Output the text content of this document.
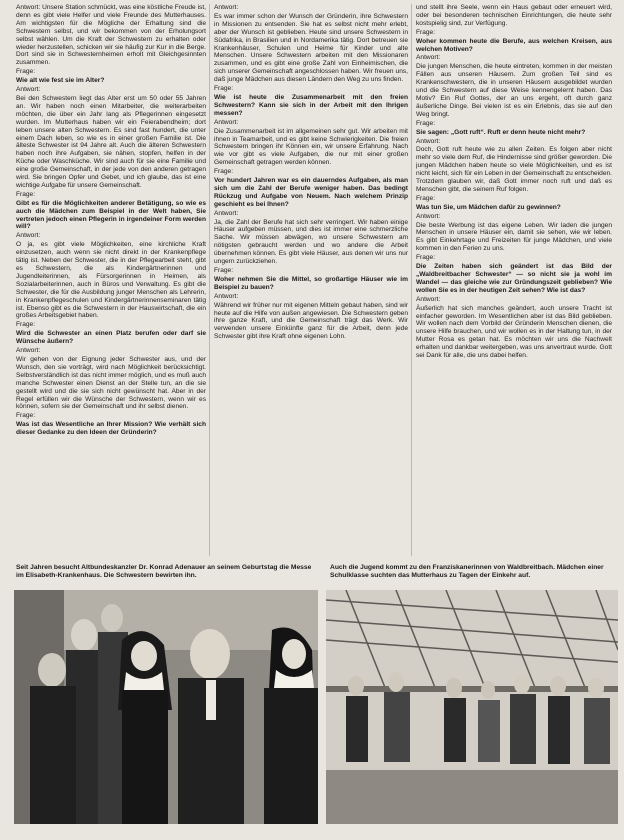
Antwort: Unsere Station schmückt, was eine köstliche Freude ist, denn es gibt viele Helfer und viele Freunde des Mutterhauses. Am wichtigsten für die Mögliche der Erhaltung sind die Schwestern selbst, und wir bekommen von der Erholungsort selbst wählen. Um die Kraft der Schwestern zu erhalten oder wieder herzustellen, schicken wir sie häufig zur Kur in die Berge. Dort sind sie in Schwesternheimen erholt mit Gleichgesinnten zusammen.

Frage:

Wie alt wie fest sie im Alter?

Antwort:

Bei den Schwestern liegt das Alter erst um 50 oder 55 Jahren an. Wir haben noch einen Mitarbeiter, die weiterarbeiten möchten, die über ein Jahr lang als Pflegerinnen eingesetzt wurden. Im Mutterhaus haben wir ein Feierabendheim; dort leben unsere alten Schwestern. Es sind fast hundert, die unter einem Dach leben, so wie es in einer großen Familie ist. Die älteste Schwester ist 94 Jahre alt. Auch die älteren Schwestern haben noch ihre Aufgaben, sie nähen, stopfen, helfen in der Küche oder Waschküche. Wir sind auch für sie eine Familie und eine große Gemeinschaft, in der jede von den anderen getragen wird. Sie bringen Opfer und Gebet, und ich glaube, das ist eine wichtige Aufgabe für unsere Gemeinschaft.

Frage:

Gibt es für die Möglichkeiten anderer Betätigung, so wie es auch die Mädchen zum Beispiel in der Welt haben, Sie vertreten jedoch einen Pflegerin in irgendeiner Form werden will?

Antwort:

O ja, es gibt viele Möglichkeiten, eine kirchliche Kraft einzusetzen, auch wenn sie nicht direkt in der Krankenpflege tätig ist. Neben der Schwester, die in der Pflegearbeit steht, gibt es Schwestern, die als Kindergärtnerinnen und Jugendleiterinnen, als Fürsorgerinnen in Heimen, als Sozialarbeiterinnen, auch in Büros und Verwaltung. Es gibt die Schwester, die für die Ausbildung junger Menschen als Lehrerin, in Krankenpflegeschulen und Kindergärtnerinnenseminaren tätig ist. Ebenso gibt es die Schwestern in der Hauswirtschaft, die ein großes Arbeitsgebiet haben.

Frage:

Wird die Schwester an einen Platz berufen oder darf sie Wünsche äußern?

Antwort:

Wir gehen von der Eignung jeder Schwester aus, und der Wunsch, den sie vorträgt, wird nach Möglichkeit berücksichtigt. Selbstverständlich ist das nicht immer möglich, und es muß auch manche Schwester einen Dienst an der Stelle tun, an die sie gestellt wird und die sie sich nicht gewünscht hat. Aber in der Regel erfüllen wir die Wünsche der Schwestern, wenn wir es können, sofern sie der Gemeinschaft und ihr selbst dienen.

Frage:

Was ist das Wesentliche an Ihrer Mission? Wie verhält sich dieser Gedanke zu den Ideen der Gründerin?

Antwort:

Es war immer schon der Wunsch der Gründerin, ihre Schwestern in Missionen zu entsenden. Sie hat es selbst nicht mehr erlebt, aber der Wunsch ist geblieben. Heute sind unsere Schwestern in Südafrika, in Brasilien und in Nordamerika tätig. Dort betreuen sie Krankenhäuser, Schulen und Heime für Kinder und alte Menschen. Unsere Schwestern arbeiten mit den Missionaren zusammen, und es gibt eine große Zahl von Einheimischen, die sich unserer Gemeinschaft angeschlossen haben. Wir freuen uns, daß junge Mädchen aus diesen Ländern den Weg zu uns finden.

Frage:

Wie ist heute die Zusammenarbeit mit den freien Schwestern? Kann sie sich in der Arbeit mit den Ihrigen messen?

Antwort:

Die Zusammenarbeit ist im allgemeinen sehr gut. Wir arbeiten mit ihnen in Teamarbeit, und es gibt keine Schwierigkeiten. Die freien Schwestern bringen ihr Können ein, wir unsere Erfahrung. Nach wie vor gibt es viele Aufgaben, die nur mit einer großen Gemeinschaft getragen werden können.

Frage:

Vor hundert Jahren war es ein dauerndes Aufgaben, als man sich um die Zahl der Berufe weniger haben. Das bedingt Rückzug und Aufgabe von Neuem. Nach welchem Prinzip geschieht es bei Ihnen?

Antwort:

Ja, die Zahl der Berufe hat sich sehr verringert. Wir haben einige Häuser aufgeben müssen, und dies ist immer eine schmerzliche Sache. Wir müssen abwägen, wo unsere Schwestern am nötigsten gebraucht werden und wo andere die Arbeit übernehmen können. Es gibt viele Häuser, aus denen wir uns nur ungern zurückziehen.

Frage:

Woher nehmen Sie die Mittel, so großartige Häuser wie im Beispiel zu bauen?

Antwort:

Während wir früher nur mit eigenen Mitteln gebaut haben, sind wir heute auf die Hilfe von außen angewiesen. Die Schwestern geben ihre ganze Kraft, und die Gemeinschaft trägt das Werk. Wir verwenden unsere Einkünfte ganz für die Arbeit, denn jede Schwester gibt ihre Kraft ohne eigenen Lohn.

und stellt ihre Seele, wenn ein Haus gebaut oder erneuert wird, oder bei besonderen technischen Einrichtungen, die heute sehr kostspielig sind, zur Verfügung.

Frage:

Woher kommen heute die Berufe, aus welchen Kreisen, aus welchen Motiven?

Antwort:

Die jungen Menschen, die heute eintreten, kommen in der meisten Fällen aus unseren Häusern. Zum großen Teil sind es Krankenschwestern, die in unseren Häusern ausgebildet wurden und die Schwestern auf diese Weise kennengelernt haben. Das Motiv? Ein Ruf Gottes, der an uns ergeht, oft durch ganz äußerliche Dinge. Bei vielen ist es ein Erlebnis, das sie auf den Weg bringt.

Frage:

Sie sagen: „Gott ruft“. Ruft er denn heute nicht mehr?

Antwort:

Doch, Gott ruft heute wie zu allen Zeiten. Es folgen aber nicht mehr so viele dem Ruf, die Hindernisse sind größer geworden. Die jungen Mädchen haben heute so viele Möglichkeiten, und es ist nicht leicht, sich für ein Leben in der Gemeinschaft zu entscheiden. Trotzdem glauben wir, daß Gott immer noch ruft und daß es Menschen gibt, die seinem Ruf folgen.

Frage:

Was tun Sie, um Mädchen dafür zu gewinnen?

Antwort:

Die beste Werbung ist das eigene Leben. Wir laden die jungen Menschen in unsere Häuser ein, damit sie sehen, wie wir leben. Es gibt Einkehrtage und Freizeiten für junge Mädchen, und viele kommen in den Ferien zu uns.

Frage:

Die Zeiten haben sich geändert ist das Bild der „Waldbreitbacher Schwester“ — so nicht sie ja wohl im Wandel — das gleiche wie zur Gründungszeit geblieben? Wie wollen Sie es in der heutigen Zeit sehen? Wie ist das?

Antwort:

Äußerlich hat sich manches geändert, auch unsere Tracht ist einfacher geworden. Im Wesentlichen aber ist das Bild geblieben. Wir wollen nach dem Vorbild der Gründerin Menschen dienen, die unsere Hilfe brauchen, und wir wollen es in der Haltung tun, in der Mutter Rosa es getan hat. Es möchten wir uns die Nachwelt erhalten und dankbar weitergeben, was uns anvertraut wurde. Gott sei Dank für alle, die uns dabei helfen.

Seit Jahren besucht Altbundeskanzler Dr. Konrad Adenauer an seinem Geburtstag die Messe im Elisabeth-Krankenhaus. Die Schwestern bewirten ihn.
Auch die Jugend kommt zu den Franziskanerinnen von Waldbreitbach. Mädchen einer Schulklasse suchten das Mutterhaus zu Tagen der Einkehr auf.
